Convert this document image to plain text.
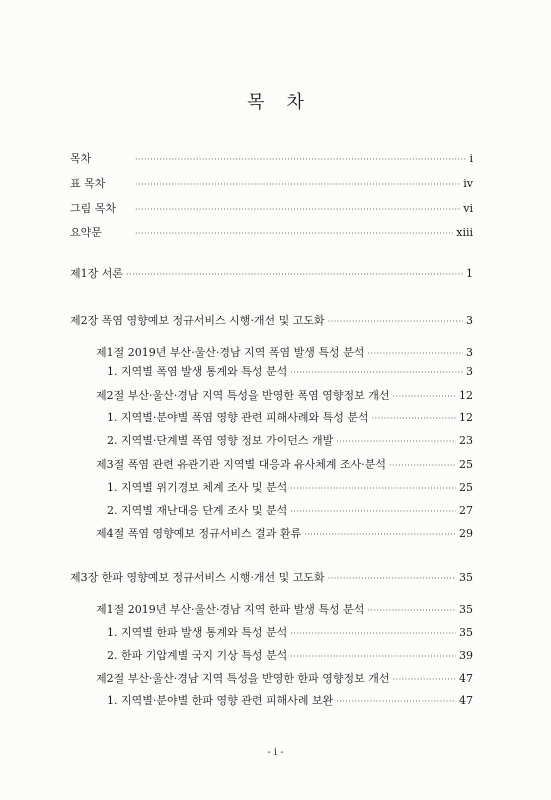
목차
목차 ·····	i
표 목차 ·····	iv
그림 목차 ·····	vi
요약문 ·····	xiii
제1장 서론 ·····	1
제2장 폭염 영향예보 정규서비스 시행·개선 및 고도화 ·····	3
제1절 2019년 부산·울산·경남 지역 폭염 발생 특성 분석 ·····	3
1. 지역별 폭염 발생 통계와 특성 분석 ·····	3
제2절 부산·울산·경남 지역 특성을 반영한 폭염 영향정보 개선 ·····	12
1. 지역별·분야별 폭염 영향 관련 피해사례와 특성 분석 ·····	12
2. 지역별·단계별 폭염 영향 정보 가이던스 개발 ·····	23
제3절 폭염 관련 유관기관 지역별 대응과 유사체계 조사·분석 ·····	25
1. 지역별 위기경보 체계 조사 및 분석 ·····	25
2. 지역별 재난대응 단계 조사 및 분석 ·····	27
제4절 폭염 영향예보 정규서비스 결과 환류 ·····	29
제3장 한파 영향예보 정규서비스 시행·개선 및 고도화 ·····	35
제1절 2019년 부산·울산·경남 지역 한파 발생 특성 분석 ·····	35
1. 지역별 한파 발생 통계와 특성 분석 ·····	35
2. 한파 기압계별 국지 기상 특성 분석 ·····	39
제2절 부산·울산·경남 지역 특성을 반영한 한파 영향정보 개선 ·····	47
1. 지역별·분야별 한파 영향 관련 피해사례 보완 ·····	47
- i -
